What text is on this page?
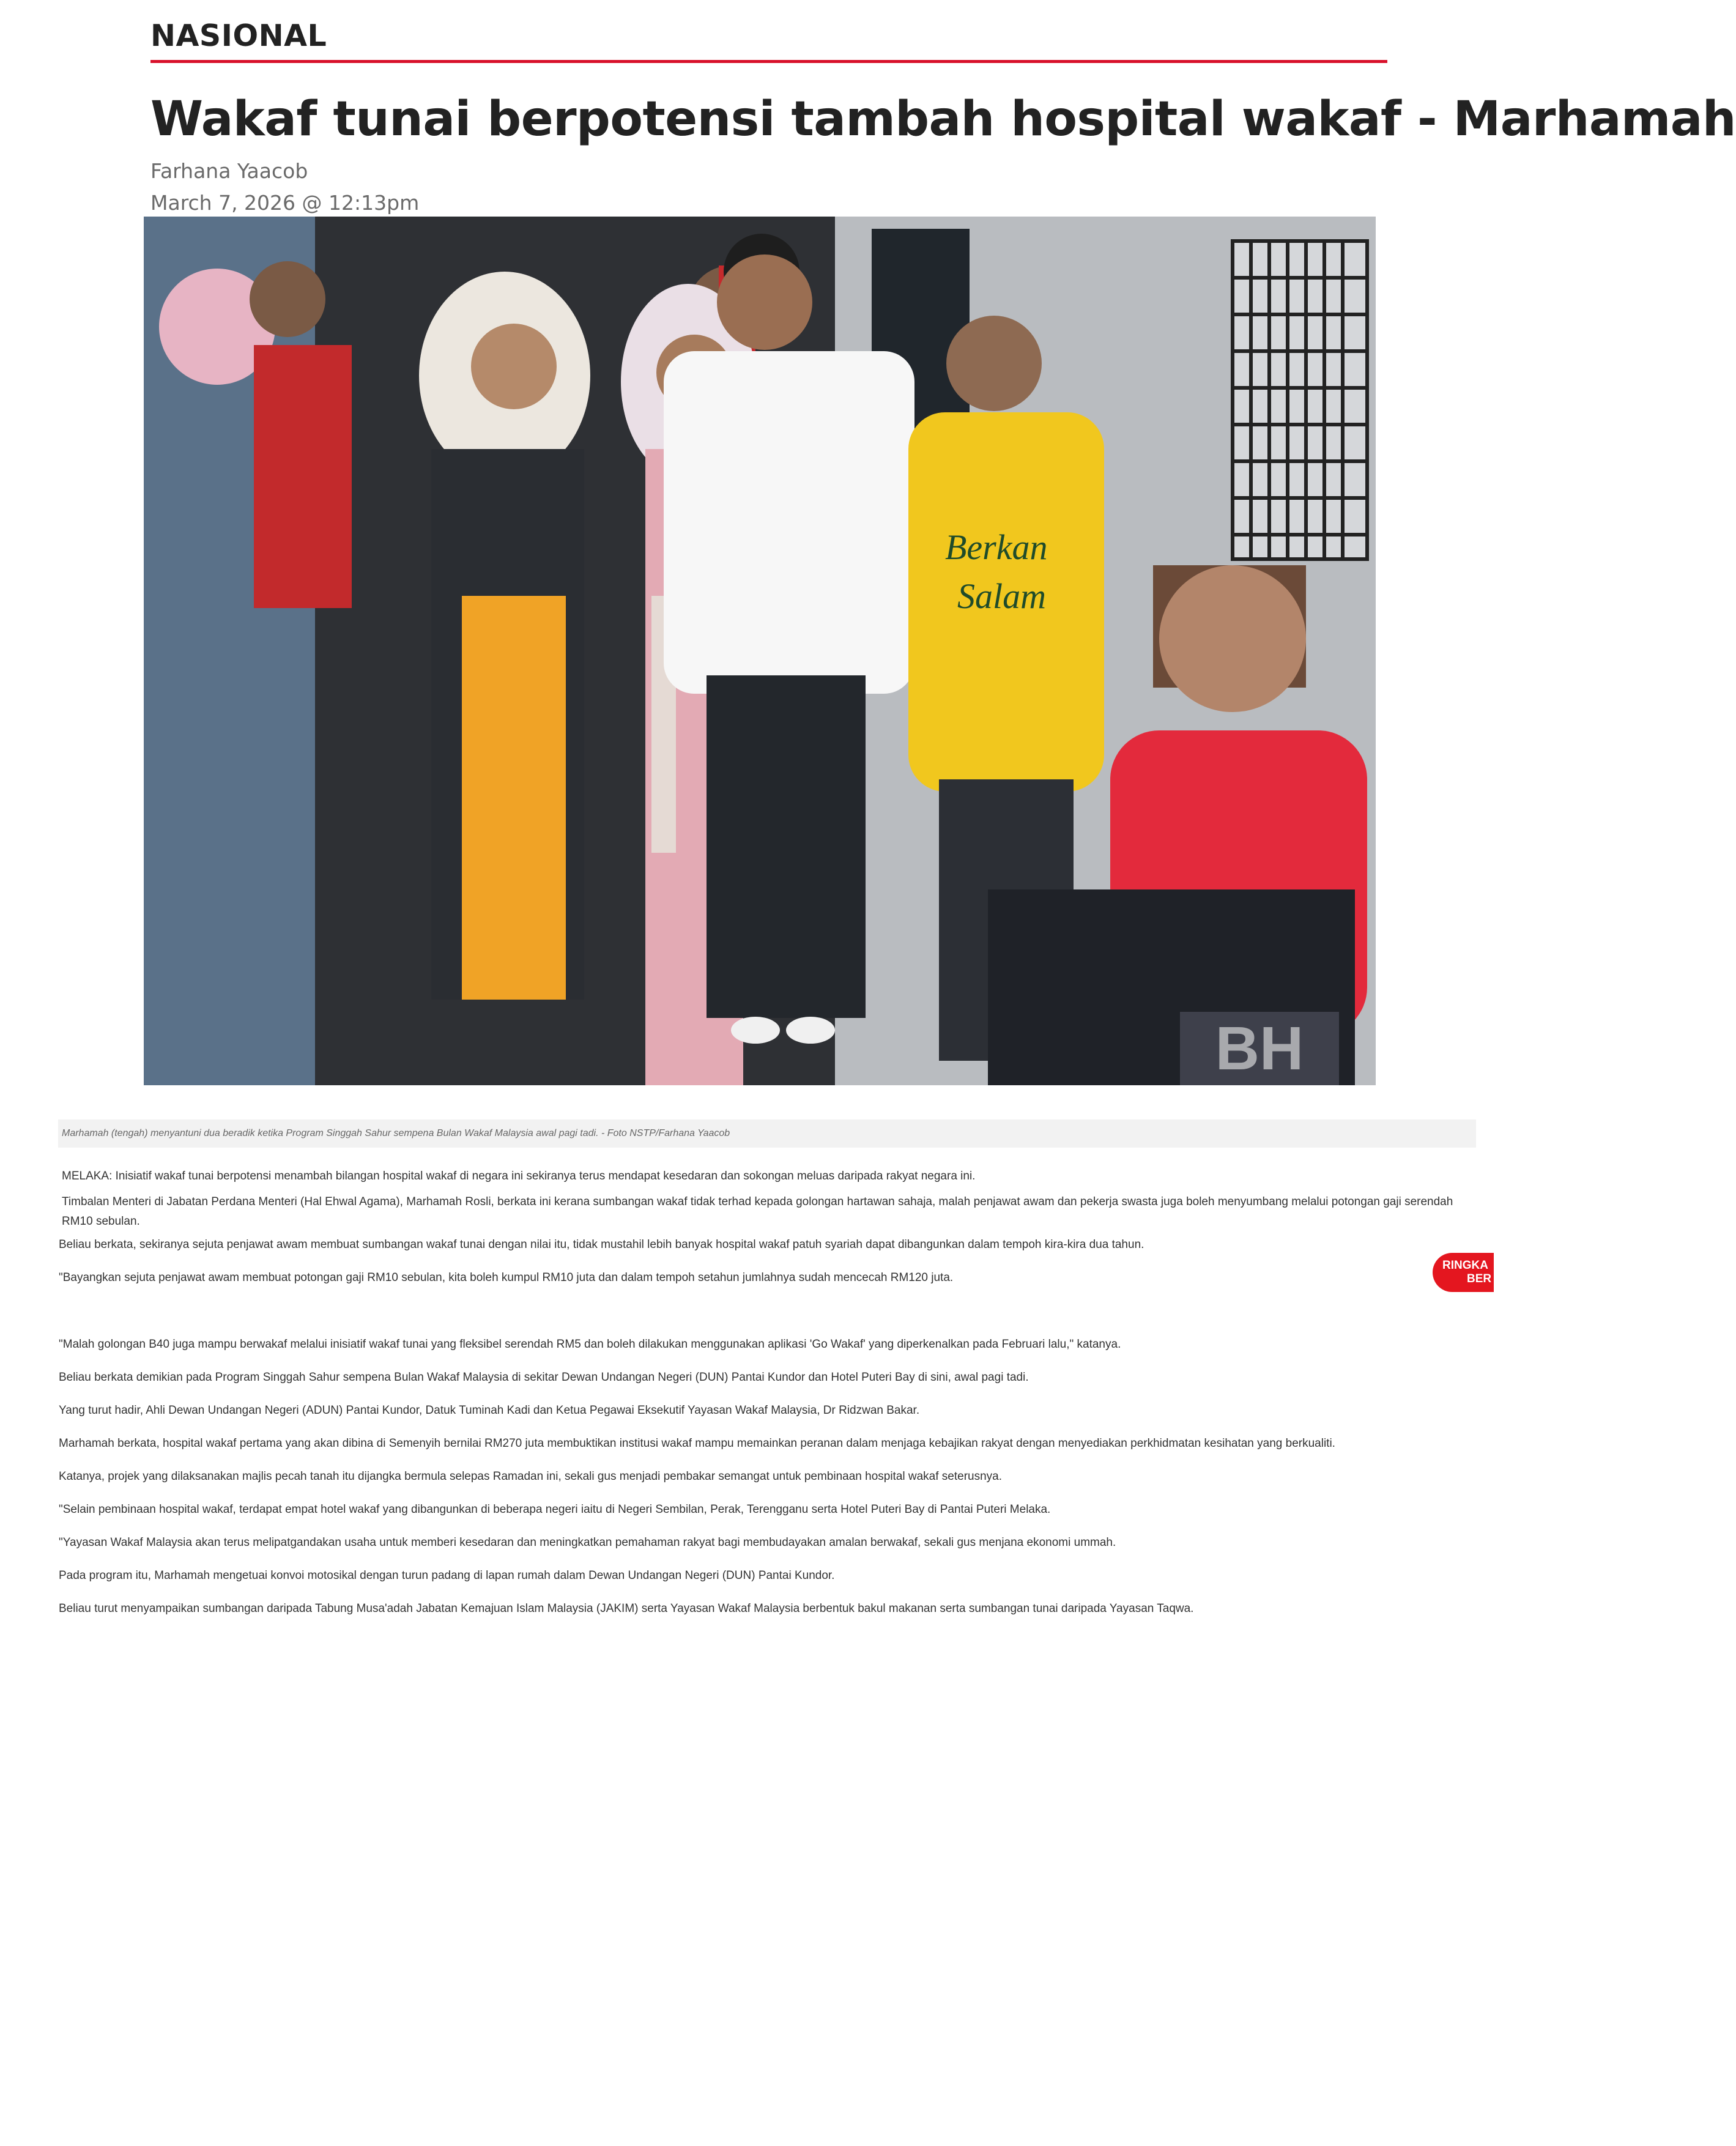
NASIONAL
Wakaf tunai berpotensi tambah hospital wakaf - Marhamah
Farhana Yaacob
March 7, 2026 @ 12:13pm
Berkan
Salam
BH
Marhamah (tengah) menyantuni dua beradik ketika Program Singgah Sahur sempena Bulan Wakaf Malaysia awal pagi tadi. - Foto NSTP/Farhana Yaacob

MELAKA: Inisiatif wakaf tunai berpotensi menambah bilangan hospital wakaf di negara ini sekiranya terus mendapat kesedaran dan sokongan meluas daripada rakyat negara ini.

Timbalan Menteri di Jabatan Perdana Menteri (Hal Ehwal Agama), Marhamah Rosli, berkata ini kerana sumbangan wakaf tidak terhad kepada golongan hartawan sahaja, malah penjawat awam dan pekerja swasta juga boleh menyumbang melalui potongan gaji serendah RM10 sebulan.

Beliau berkata, sekiranya sejuta penjawat awam membuat sumbangan wakaf tunai dengan nilai itu, tidak mustahil lebih banyak hospital wakaf patuh syariah dapat dibangunkan dalam tempoh kira-kira dua tahun.

"Bayangkan sejuta penjawat awam membuat potongan gaji RM10 sebulan, kita boleh kumpul RM10 juta dan dalam tempoh setahun jumlahnya sudah mencecah RM120 juta.

"Malah golongan B40 juga mampu berwakaf melalui inisiatif wakaf tunai yang fleksibel serendah RM5 dan boleh dilakukan menggunakan aplikasi 'Go Wakaf' yang diperkenalkan pada Februari lalu," katanya.

Beliau berkata demikian pada Program Singgah Sahur sempena Bulan Wakaf Malaysia di sekitar Dewan Undangan Negeri (DUN) Pantai Kundor dan Hotel Puteri Bay di sini, awal pagi tadi.

Yang turut hadir, Ahli Dewan Undangan Negeri (ADUN) Pantai Kundor, Datuk Tuminah Kadi dan Ketua Pegawai Eksekutif Yayasan Wakaf Malaysia, Dr Ridzwan Bakar.

Marhamah berkata, hospital wakaf pertama yang akan dibina di Semenyih bernilai RM270 juta membuktikan institusi wakaf mampu memainkan peranan dalam menjaga kebajikan rakyat dengan menyediakan perkhidmatan kesihatan yang berkualiti.

Katanya, projek yang dilaksanakan majlis pecah tanah itu dijangka bermula selepas Ramadan ini, sekali gus menjadi pembakar semangat untuk pembinaan hospital wakaf seterusnya.

"Selain pembinaan hospital wakaf, terdapat empat hotel wakaf yang dibangunkan di beberapa negeri iaitu di Negeri Sembilan, Perak, Terengganu serta Hotel Puteri Bay di Pantai Puteri Melaka.

"Yayasan Wakaf Malaysia akan terus melipatgandakan usaha untuk memberi kesedaran dan meningkatkan pemahaman rakyat bagi membudayakan amalan berwakaf, sekali gus menjana ekonomi ummah.

Pada program itu, Marhamah mengetuai konvoi motosikal dengan turun padang di lapan rumah dalam Dewan Undangan Negeri (DUN) Pantai Kundor.

Beliau turut menyampaikan sumbangan daripada Tabung Musa'adah Jabatan Kemajuan Islam Malaysia (JAKIM) serta Yayasan Wakaf Malaysia berbentuk bakul makanan serta sumbangan tunai daripada Yayasan Taqwa.

RINGKA
BER
